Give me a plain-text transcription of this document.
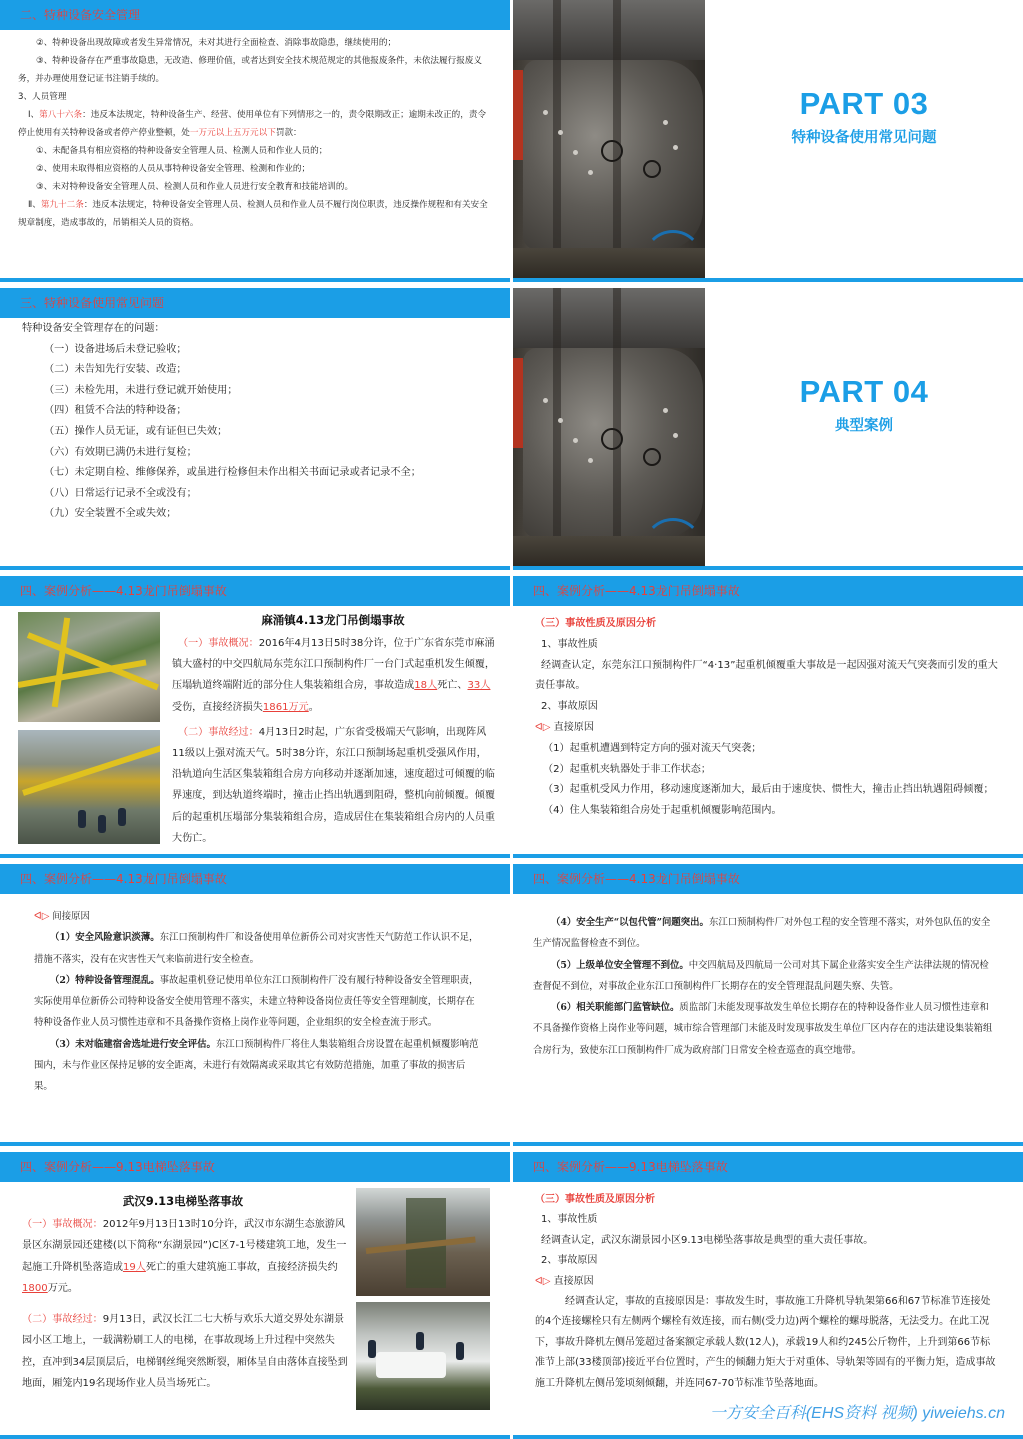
二、特种设备安全管理

②、特种设备出现故障或者发生异常情况，未对其进行全面检查、消除事故隐患，继续使用的；

③、特种设备存在严重事故隐患，无改造、修理价值，或者达到安全技术规范规定的其他报废条件，未依法履行报废义务，并办理使用登记证书注销手续的。

3、人员管理

Ⅰ、第八十六条：违反本法规定，特种设备生产、经营、使用单位有下列情形之一的，责令限期改正；逾期未改正的，责令停止使用有关特种设备或者停产停业整顿，处一万元以上五万元以下罚款：

①、未配备具有相应资格的特种设备安全管理人员、检测人员和作业人员的；

②、使用未取得相应资格的人员从事特种设备安全管理、检测和作业的；

③、未对特种设备安全管理人员、检测人员和作业人员进行安全教育和技能培训的。

Ⅱ、第九十二条：违反本法规定，特种设备安全管理人员、检测人员和作业人员不履行岗位职责，违反操作规程和有关安全规章制度，造成事故的，吊销相关人员的资格。

PART 03
特种设备使用常见问题
三、特种设备使用常见问题

特种设备安全管理存在的问题：

（一）设备进场后未登记验收；

（二）未告知先行安装、改造；

（三）未检先用，未进行登记就开始使用；

（四）租赁不合法的特种设备；

（五）操作人员无证，或有证但已失效；

（六）有效期已满仍未进行复检；

（七）未定期自检、维修保养，或虽进行检修但未作出相关书面记录或者记录不全；

（八）日常运行记录不全或没有；

（九）安全装置不全或失效；

PART 04
典型案例
四、案例分析——4.13龙门吊倒塌事故
麻涌镇4.13龙门吊倒塌事故

（一）事故概况：2016年4月13日5时38分许，位于广东省东莞市麻涌镇大盛村的中交四航局东莞东江口预制构件厂一台门式起重机发生倾覆，压塌轨道终端附近的部分住人集装箱组合房，事故造成18人死亡、33人受伤，直接经济损失1861万元。

（二）事故经过：4月13日2时起，广东省受极端天气影响，出现阵风11级以上强对流天气。5时38分许，东江口预制场起重机受强风作用，沿轨道向生活区集装箱组合房方向移动并逐渐加速，速度超过可倾覆的临界速度，到达轨道终端时，撞击止挡出轨遇到阻碍，整机向前倾覆。倾覆后的起重机压塌部分集装箱组合房，造成居住在集装箱组合房内的人员重大伤亡。

四、案例分析——4.13龙门吊倒塌事故

（三）事故性质及原因分析

1、事故性质

经调查认定，东莞东江口预制构件厂“4·13”起重机倾覆重大事故是一起因强对流天气突袭而引发的重大责任事故。

2、事故原因

ᐊ▷ 直接原因

（1）起重机遭遇到特定方向的强对流天气突袭；

（2）起重机夹轨器处于非工作状态；

（3）起重机受风力作用，移动速度逐渐加大，最后由于速度快、惯性大，撞击止挡出轨遇阻碍倾覆；

（4）住人集装箱组合房处于起重机倾覆影响范围内。

四、案例分析——4.13龙门吊倒塌事故

ᐊ▷ 间接原因

（1）安全风险意识淡薄。东江口预制构件厂和设备使用单位新侨公司对灾害性天气防范工作认识不足，措施不落实，没有在灾害性天气来临前进行安全检查。

（2）特种设备管理混乱。事故起重机登记使用单位东江口预制构件厂没有履行特种设备安全管理职责，实际使用单位新侨公司特种设备安全使用管理不落实，未建立特种设备岗位责任等安全管理制度，长期存在特种设备作业人员习惯性违章和不具备操作资格上岗作业等问题，企业组织的安全检查流于形式。

（3）未对临建宿舍选址进行安全评估。东江口预制构件厂将住人集装箱组合房设置在起重机倾覆影响范围内，未与作业区保持足够的安全距离，未进行有效隔离或采取其它有效防范措施，加重了事故的损害后果。

四、案例分析——4.13龙门吊倒塌事故

（4）安全生产“以包代管”问题突出。东江口预制构件厂对外包工程的安全管理不落实，对外包队伍的安全生产情况监督检查不到位。

（5）上级单位安全管理不到位。中交四航局及四航局一公司对其下属企业落实安全生产法律法规的情况检查督促不到位，对事故企业东江口预制构件厂长期存在的安全管理混乱问题失察、失管。

（6）相关职能部门监管缺位。质监部门未能发现事故发生单位长期存在的特种设备作业人员习惯性违章和不具备操作资格上岗作业等问题，城市综合管理部门未能及时发现事故发生单位厂区内存在的违法建设集装箱组合房行为，致使东江口预制构件厂成为政府部门日常安全检查巡查的真空地带。

四、案例分析——9.13电梯坠落事故
武汉9.13电梯坠落事故

（一）事故概况：2012年9月13日13时10分许，武汉市东湖生态旅游风景区东湖景园还建楼(以下简称“东湖景园”)C区7-1号楼建筑工地，发生一起施工升降机坠落造成19人死亡的重大建筑施工事故，直接经济损失约1800万元。

（二）事故经过：9月13日，武汉长江二七大桥与欢乐大道交界处东湖景园小区工地上，一载满粉刷工人的电梯，在事故现场上升过程中突然失控，直冲到34层顶层后，电梯钢丝绳突然断裂，厢体呈自由落体直接坠到地面，厢笼内19名现场作业人员当场死亡。

四、案例分析——9.13电梯坠落事故

（三）事故性质及原因分析

1、事故性质

经调查认定，武汉东湖景园小区9.13电梯坠落事故是典型的重大责任事故。

2、事故原因

ᐊ▷ 直接原因

经调查认定，事故的直接原因是：事故发生时，事故施工升降机导轨架第66和67节标准节连接处的4个连接螺栓只有左侧两个螺栓有效连接，而右侧(受力边)两个螺栓的螺母脱落，无法受力。在此工况下，事故升降机左侧吊笼超过备案额定承载人数(12人)，承载19人和约245公斤物件，上升到第66节标准节上部(33楼顶部)接近平台位置时，产生的倾翻力矩大于对重体、导轨架等固有的平衡力矩，造成事故施工升降机左侧吊笼顷刻倾翻，并连同67-70节标准节坠落地面。

一方安全百科(EHS资料 视频) yiweiehs.cn
